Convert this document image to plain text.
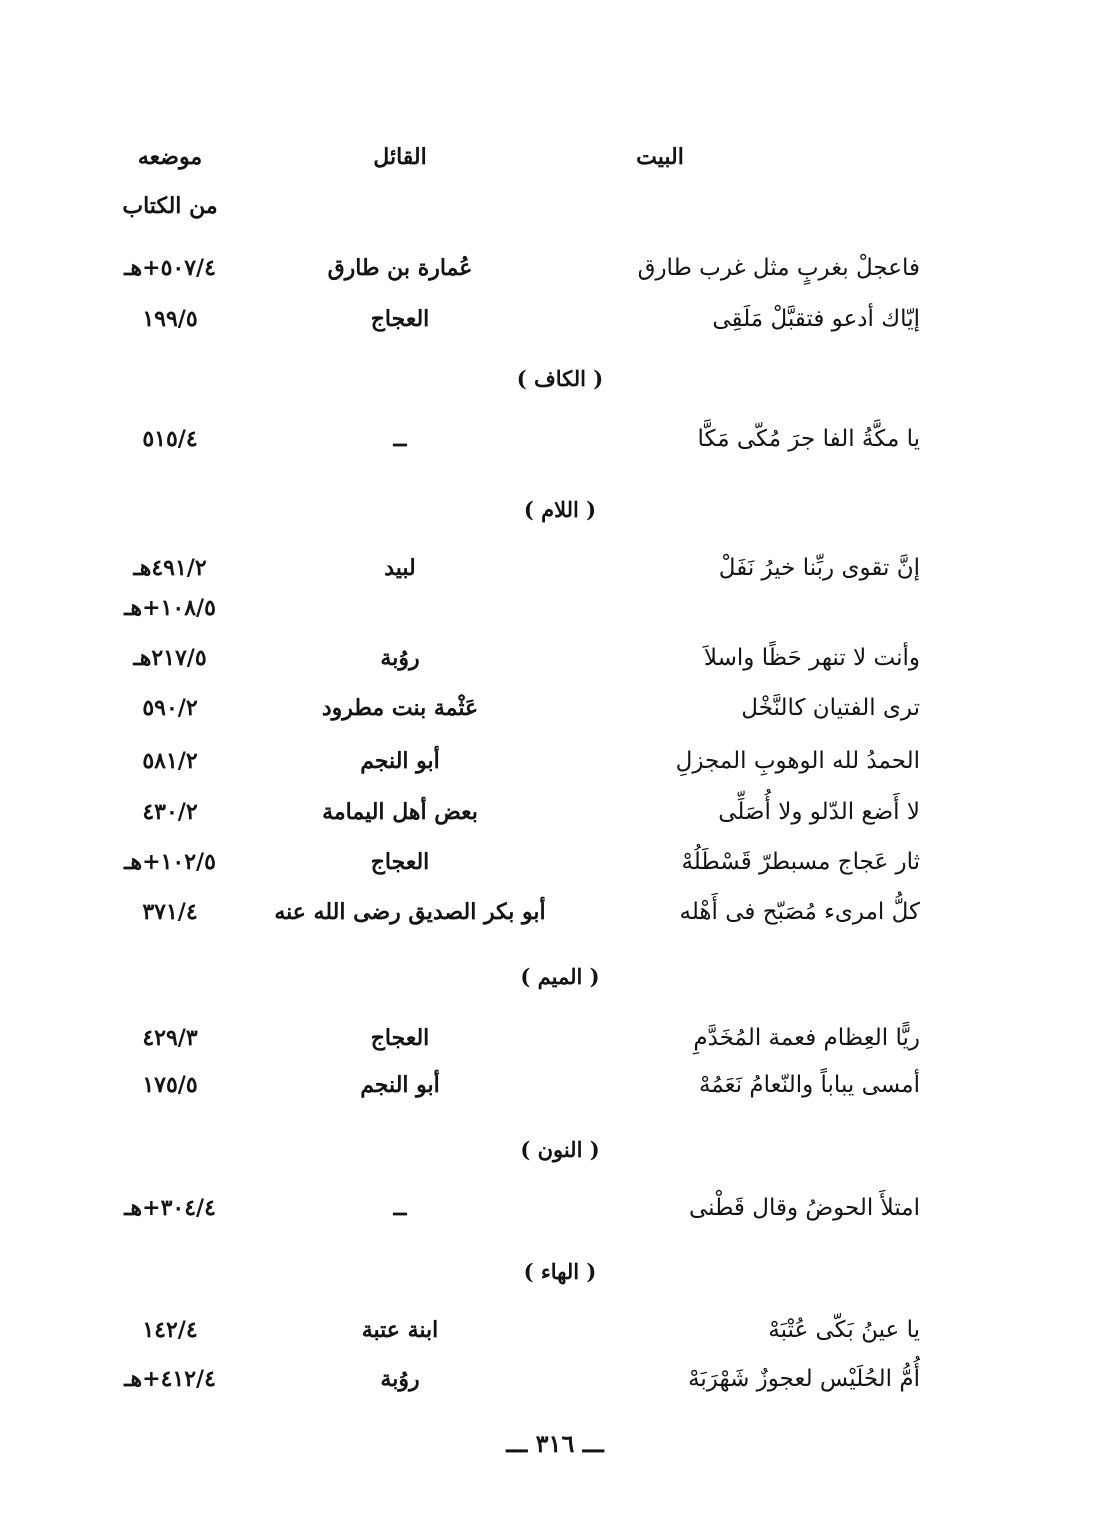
البيت
القائل
موضعه
من الكتاب
فاعجلْ بغربٍ مثل غرب طارق
عُمارة بن طارق
٥٠٧/٤+هـ
إيّاك أدعو فتقبَّلْ مَلَقِى
العجاج
١٩٩/٥
( الكاف )
يا مكَّةُ الفا جرَ مُكّى مَكَّا
ــ
٥١٥/٤
( اللام )
إنَّ تقوى ربِّنا خيرُ نَفَلْ
لبيد
٤٩١/٢هـ
١٠٨/٥+هـ
وأنت لا تنهر حَظًا واسلاَ
روُبة
٢١٧/٥هـ
ترى الفتيان كالنَّخْل
عَثْمة بنت مطرود
٥٩٠/٢
الحمدُ لله الوهوبِ المجزلِ
أبو النجم
٥٨١/٢
لا أَضع الدّلو ولا أُصَلِّى
بعض أهل اليمامة
٤٣٠/٢
ثار عَجاج مسبطرّ قَسْطَلُهْ
العجاج
١٠٢/٥+هـ
كلُّ امرىء مُصَبّح فى أَهْله
أبو بكر الصديق رضى الله عنه
٣٧١/٤
( الميم )
ريًّا العِظام فعمة المُخَدَّمِ
العجاج
٤٢٩/٣
أمسى يباباً والنّعامُ نَعَمُهْ
أبو النجم
١٧٥/٥
( النون )
امتلأَ الحوضُ وقال قَطْنى
ــ
٣٠٤/٤+هـ
( الهاء )
يا عينُ بَكّى عُتْبَهْ
ابنة عتبة
١٤٢/٤
أُمُّ الحُلَيْس لعجوزٌ شَهْرَبَهْ
روُبة
٤١٢/٤+هـ
ـــ ٣١٦ ـــ
